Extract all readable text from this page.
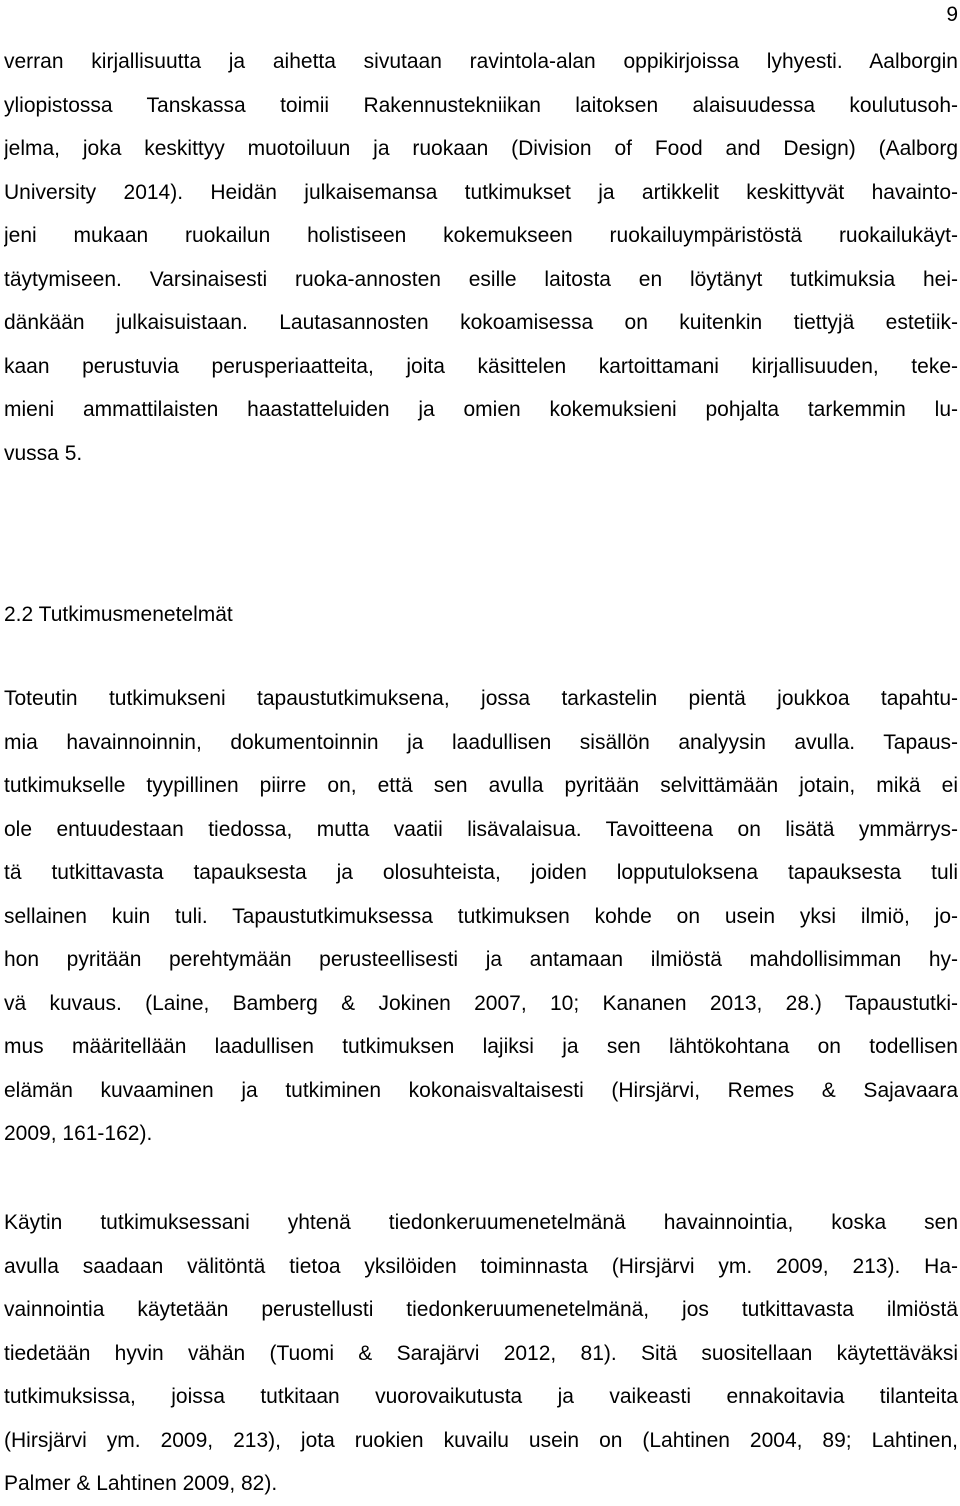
9
verran kirjallisuutta ja aihetta sivutaan ravintola-alan oppikirjoissa lyhyesti. Aalborgin
yliopistossa Tanskassa toimii Rakennustekniikan laitoksen alaisuudessa koulutusoh-
jelma, joka keskittyy muotoiluun ja ruokaan (Division of Food and Design) (Aalborg
University 2014). Heidän julkaisemansa tutkimukset ja artikkelit keskittyvät havainto-
jeni mukaan ruokailun holistiseen kokemukseen ruokailuympäristöstä ruokailukäyt-
täytymiseen. Varsinaisesti ruoka-annosten esille laitosta en löytänyt tutkimuksia hei-
dänkään julkaisuistaan. Lautasannosten kokoamisessa on kuitenkin tiettyjä estetiik-
kaan perustuvia perusperiaatteita, joita käsittelen kartoittamani kirjallisuuden, teke-
mieni ammattilaisten haastatteluiden ja omien kokemuksieni pohjalta tarkemmin lu-
vussa 5.
2.2 Tutkimusmenetelmät
Toteutin tutkimukseni tapaustutkimuksena, jossa tarkastelin pientä joukkoa tapahtu-
mia havainnoinnin, dokumentoinnin ja laadullisen sisällön analyysin avulla. Tapaus-
tutkimukselle tyypillinen piirre on, että sen avulla pyritään selvittämään jotain, mikä ei
ole entuudestaan tiedossa, mutta vaatii lisävalaisua. Tavoitteena on lisätä ymmärrys-
tä tutkittavasta tapauksesta ja olosuhteista, joiden lopputuloksena tapauksesta tuli
sellainen kuin tuli. Tapaustutkimuksessa tutkimuksen kohde on usein yksi ilmiö, jo-
hon pyritään perehtymään perusteellisesti ja antamaan ilmiöstä mahdollisimman hy-
vä kuvaus. (Laine, Bamberg & Jokinen 2007, 10; Kananen 2013, 28.) Tapaustutki-
mus määritellään laadullisen tutkimuksen lajiksi ja sen lähtökohtana on todellisen
elämän kuvaaminen ja tutkiminen kokonaisvaltaisesti (Hirsjärvi, Remes & Sajavaara
2009, 161-162).
Käytin tutkimuksessani yhtenä tiedonkeruumenetelmänä havainnointia, koska sen
avulla saadaan välitöntä tietoa yksilöiden toiminnasta (Hirsjärvi ym. 2009, 213). Ha-
vainnointia käytetään perustellusti tiedonkeruumenetelmänä, jos tutkittavasta ilmiöstä
tiedetään hyvin vähän (Tuomi & Sarajärvi 2012, 81). Sitä suositellaan käytettäväksi
tutkimuksissa, joissa tutkitaan vuorovaikutusta ja vaikeasti ennakoitavia tilanteita
(Hirsjärvi ym. 2009, 213), jota ruokien kuvailu usein on (Lahtinen 2004, 89; Lahtinen,
Palmer & Lahtinen 2009, 82).
